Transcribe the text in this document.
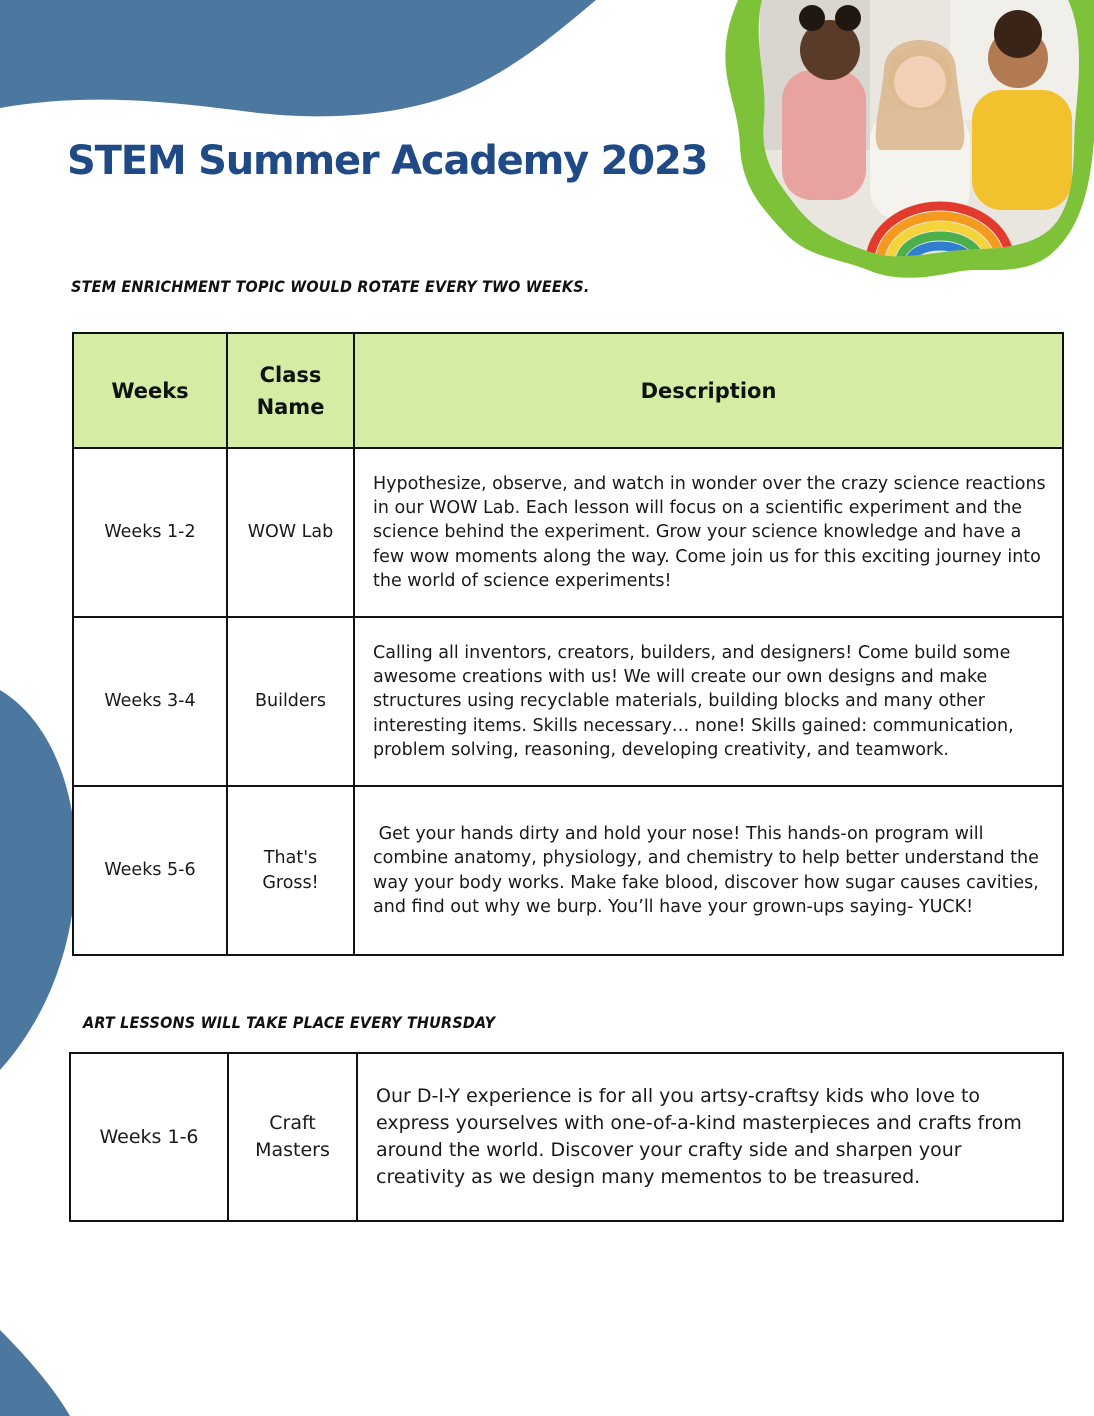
STEM Summer Academy 2023
STEM ENRICHMENT TOPIC WOULD ROTATE EVERY TWO WEEKS.
Weeks	Class Name	Description
Weeks 1-2	WOW Lab	Hypothesize, observe, and watch in wonder over the crazy science reactions in our WOW Lab. Each lesson will focus on a scientific experiment and the science behind the experiment. Grow your science knowledge and have a few wow moments along the way. Come join us for this exciting journey into the world of science experiments!
Weeks 3-4	Builders	Calling all inventors, creators, builders, and designers! Come build some awesome creations with us! We will create our own designs and make structures using recyclable materials, building blocks and many other interesting items. Skills necessary… none! Skills gained: communication, problem solving, reasoning, developing creativity, and teamwork.
Weeks 5-6	That's Gross!	Get your hands dirty and hold your nose! This hands-on program will combine anatomy, physiology, and chemistry to help better understand the way your body works. Make fake blood, discover how sugar causes cavities, and find out why we burp. You’ll have your grown-ups saying- YUCK!
ART LESSONS WILL TAKE PLACE EVERY THURSDAY
Weeks 1-6	Craft Masters	Our D-I-Y experience is for all you artsy-craftsy kids who love to express yourselves with one-of-a-kind masterpieces and crafts from around the world. Discover your crafty side and sharpen your creativity as we design many mementos to be treasured.
